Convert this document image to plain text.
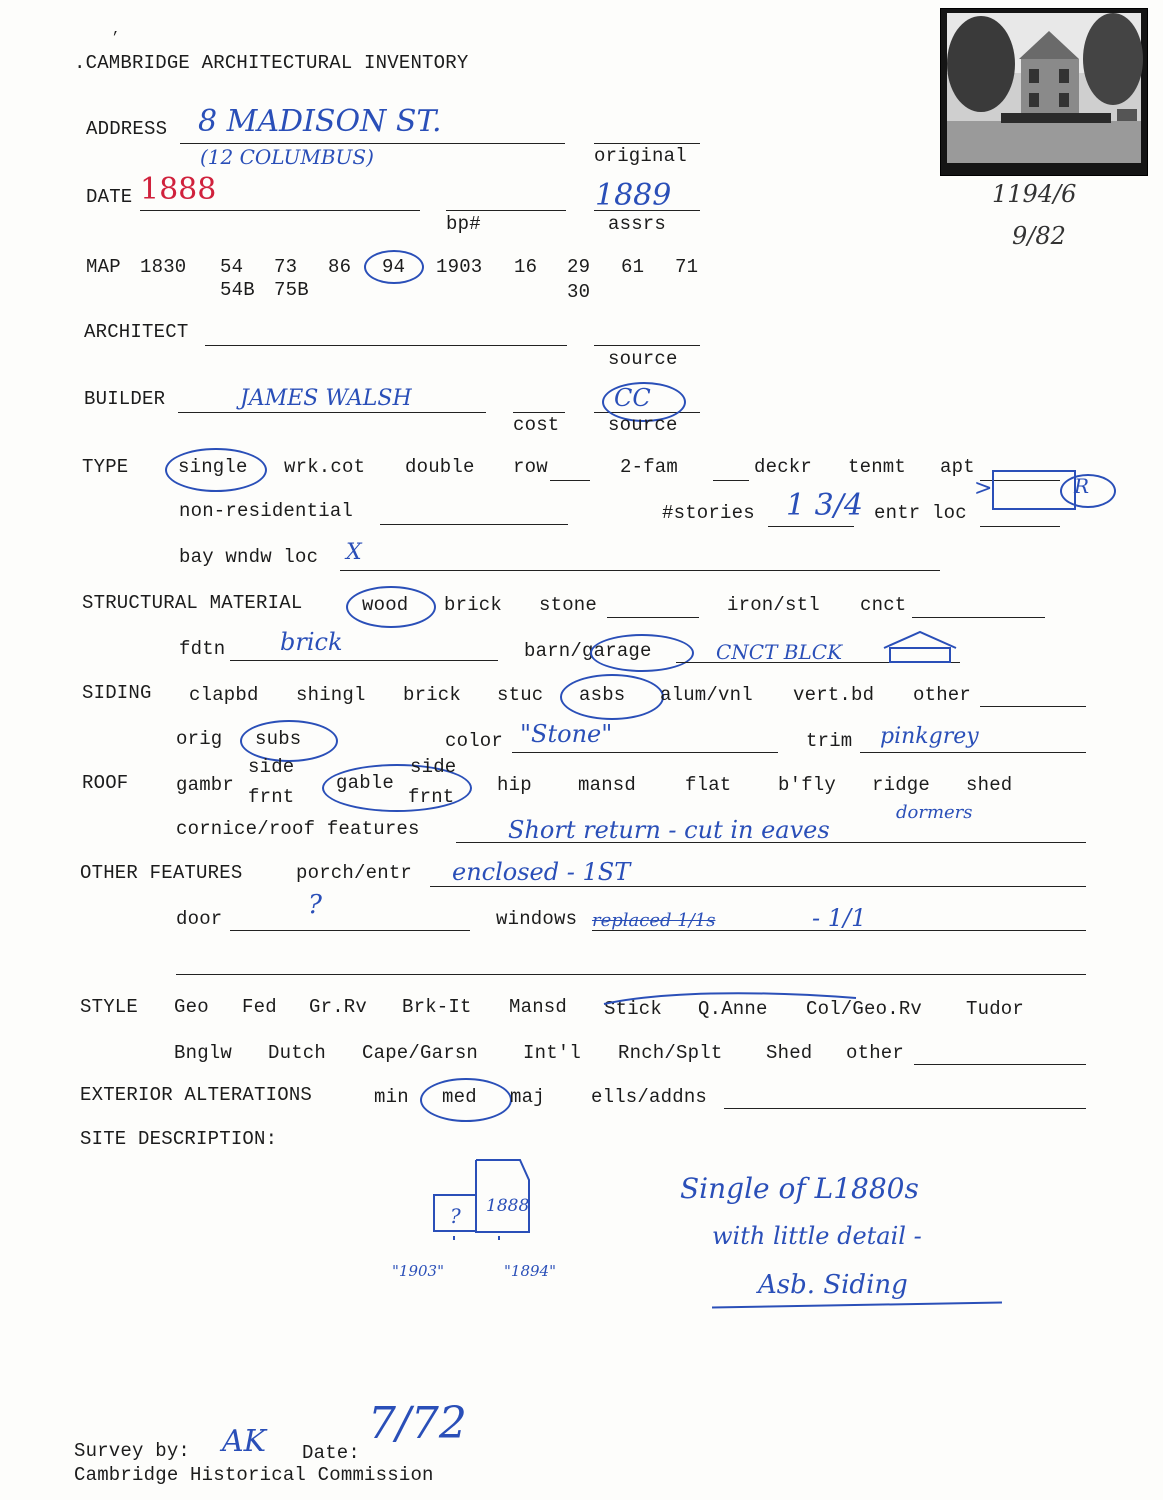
.CAMBRIDGE ARCHITECTURAL INVENTORY
,
1194/6
9/82
ADDRESS 8 MADISON ST.
(12 COLUMBUS)	original
DATE 1888
bp#
1889
assrs
MAP 1830 54 73 86 94 1903 16 29 61 71
54B 75B	30
ARCHITECT
source
BUILDER	JAMES WALSH
cost
CC
source
TYPE	single wrk.cot double row	2-fam	deckr tenmt apt
>	R
non-residential	#stories 1 3/4 entr loc
bay wndw loc X
STRUCTURAL MATERIAL	wood brick stone	iron/stl cnct
fdtn brick	barn/garage	CNCT BLCK
SIDING clapbd shingl brick stuc asbs alum/vnl vert.bd other
orig subs	color "Stone"	trim pinkgrey
ROOF	gambr
side
frnt
gable
side
frnt
hip mansd	flat b'fly ridge shed
cornice/roof features
dormers
Short return - cut in eaves
OTHER FEATURES	porch/entr enclosed - 1ST
door	?	windows replaced 1/1s	- 1/1
STYLE Geo Fed Gr.Rv Brk-It Mansd Stick Q.Anne Col/Geo.Rv Tudor
Bnglw Dutch Cape/Garsn Int'l Rnch/Splt Shed other
EXTERIOR ALTERATIONS	min med maj ells/addns
SITE DESCRIPTION:
? 1888
"1903"	"1894"
Single of L1880s
with little detail -
Asb. Siding
Survey by: AK Date:
7/72
Cambridge Historical Commission
